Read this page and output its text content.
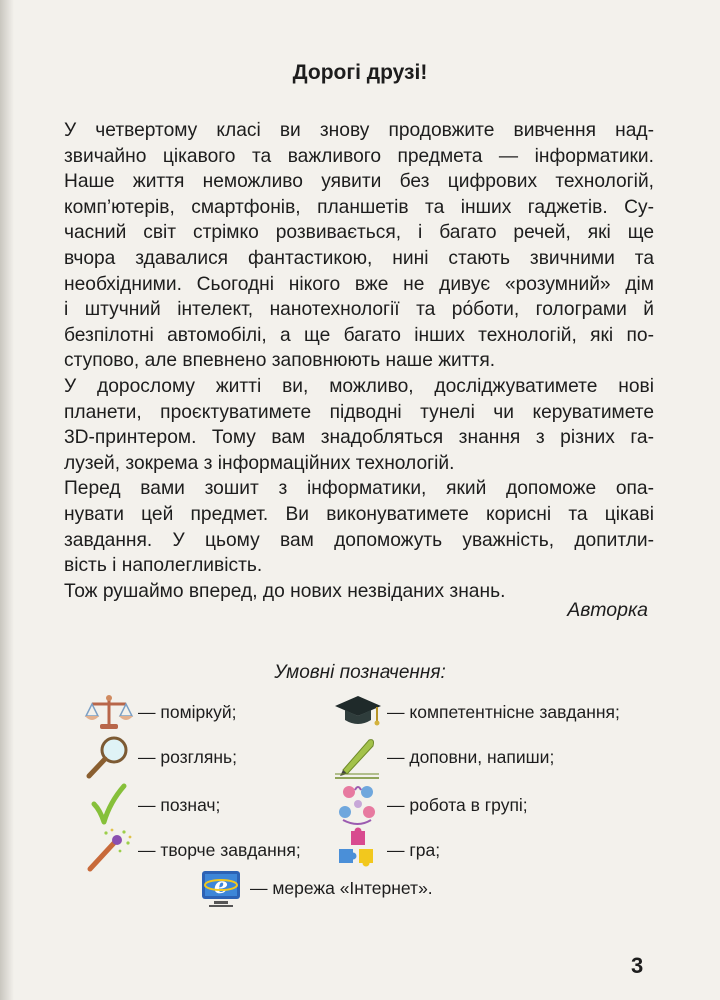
Дорогі друзі!

У четвертому класі ви знову продовжите вивчення над-
звичайно цікавого та важливого предмета — інформатики.
Наше життя неможливо уявити без цифрових технологій,
комп’ютерів, смартфонів, планшетів та інших гаджетів. Су-
часний світ стрімко розвивається, і багато речей, які ще
вчора здавалися фантастикою, нині стають звичними та
необхідними. Сьогодні нікого вже не дивує «розумний» дім
і штучний інтелект, нанотехнології та ро́боти, голограми й
безпілотні автомобілі, а ще багато інших технологій, які по-
ступово, але впевнено заповнюють наше життя.

У дорослому житті ви, можливо, досліджуватимете нові
планети, проєктуватимете підводні тунелі чи керуватимете
3D-принтером. Тому вам знадобляться знання з різних га-
лузей, зокрема з інформаційних технологій.

Перед вами зошит з інформатики, який допоможе опа-
нувати цей предмет. Ви виконуватимете корисні та цікаві
завдання. У цьому вам допоможуть уважність, допитли-
вість і наполегливість.

Тож рушаймо вперед, до нових незвіданих знань.

Авторка
Умовні позначення:
— поміркуй;	— компетентнісне завдання;
— розглянь;	— доповни, напиши;
— познач;	— робота в групі;
— творче завдання;	— гра;
e — мережа «Інтернет».
3
